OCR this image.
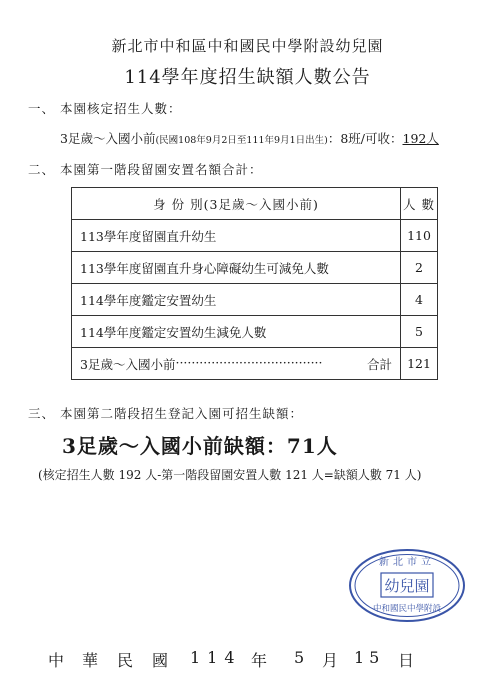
新北市中和區中和國民中學附設幼兒園
114學年度招生缺額人數公告
一、 本園核定招生人數：
3足歲～入國小前(民國108年9月2日至111年9月1日出生)：8班/可收：192人
二、 本園第一階段留園安置名額合計：
身 份 別(3足歲～入國小前)	人 數
113學年度留園直升幼生	110
113學年度留園直升身心障礙幼生可減免人數	2
114學年度鑑定安置幼生	4
114學年度鑑定安置幼生減免人數	5

3足歲～入國小前 ····································· 合計	121
三、 本園第二階段招生登記入園可招生缺額：
3足歲～入國小前缺額：71人
(核定招生人數 192 人-第一階段留園安置人數 121 人=缺額人數 71 人)
新北市立
幼兒園
中和國民中學附設
中 華 民 國 114 年 5 月 15 日
